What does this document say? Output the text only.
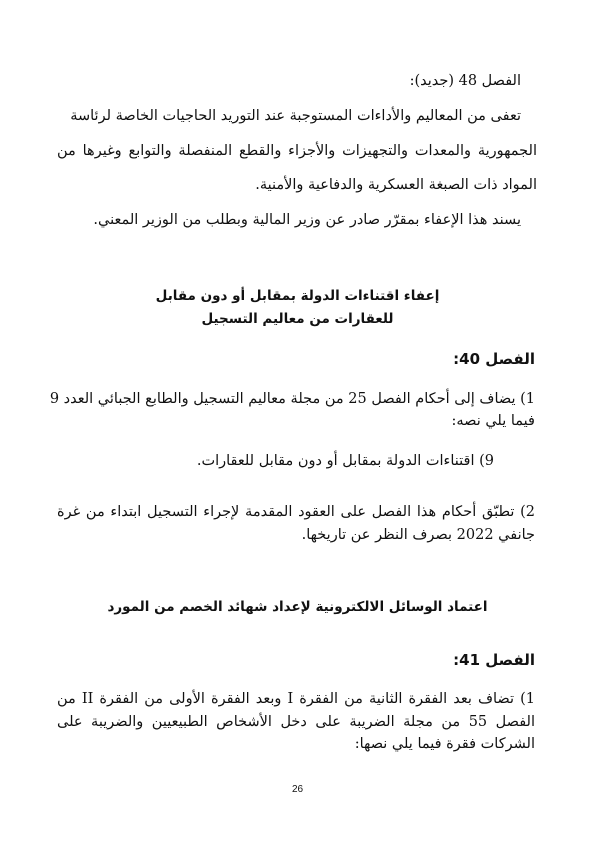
الفصل 48 (جديد):
تعفى من المعاليم والأداءات المستوجبة عند التوريد الحاجيات الخاصة لرئاسة
الجمهورية والمعدات والتجهيزات والأجزاء والقطع المنفصلة والتوابع وغيرها من
المواد ذات الصبغة العسكرية والدفاعية والأمنية.
يسند هذا الإعفاء بمقرّر صادر عن وزير المالية وبطلب من الوزير المعني.
إعفاء اقتناءات الدولة بمقابل أو دون مقابل
للعقارات من معاليم التسجيل
الفصل 40:
1) يضاف إلى أحكام الفصل 25 من مجلة معاليم التسجيل والطابع الجبائي العدد 9
فيما يلي نصه:
9) اقتناءات الدولة بمقابل أو دون مقابل للعقارات.
2) تطبّق أحكام هذا الفصل على العقود المقدمة لإجراء التسجيل ابتداء من غرة
جانفي 2022 بصرف النظر عن تاريخها.
اعتماد الوسائل الالكترونية لإعداد شهائد الخصم من المورد
الفصل 41:
1) تضاف بعد الفقرة الثانية من الفقرة I وبعد الفقرة الأولى من الفقرة II من
الفصل 55 من مجلة الضريبة على دخل الأشخاص الطبيعيين والضريبة على
الشركات فقرة فيما يلي نصها:
26
